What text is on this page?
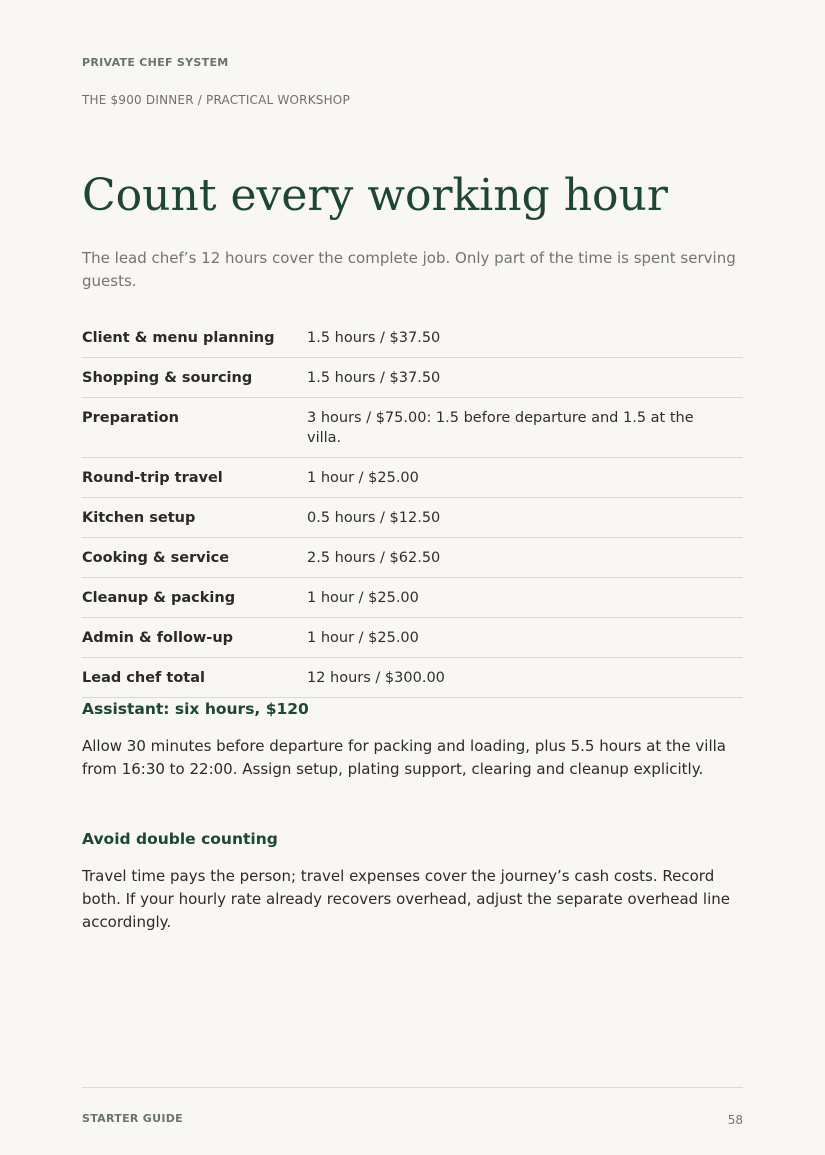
PRIVATE CHEF SYSTEM
THE $900 DINNER / PRACTICAL WORKSHOP
Count every working hour

The lead chef’s 12 hours cover the complete job. Only part of the time is spent serving guests.

Client & menu planning	1.5 hours / $37.50

Shopping & sourcing	1.5 hours / $37.50

Preparation	3 hours / $75.00: 1.5 before departure and 1.5 at the villa.

Round-trip travel	1 hour / $25.00

Kitchen setup	0.5 hours / $12.50

Cooking & service	2.5 hours / $62.50

Cleanup & packing	1 hour / $25.00

Admin & follow-up	1 hour / $25.00

Lead chef total	12 hours / $300.00
Assistant: six hours, $120

Allow 30 minutes before departure for packing and loading, plus 5.5 hours at the villa from 16:30 to 22:00. Assign setup, plating support, clearing and cleanup explicitly.

Avoid double counting

Travel time pays the person; travel expenses cover the journey’s cash costs. Record both. If your hourly rate already recovers overhead, adjust the separate overhead line accordingly.

STARTER GUIDE	58
